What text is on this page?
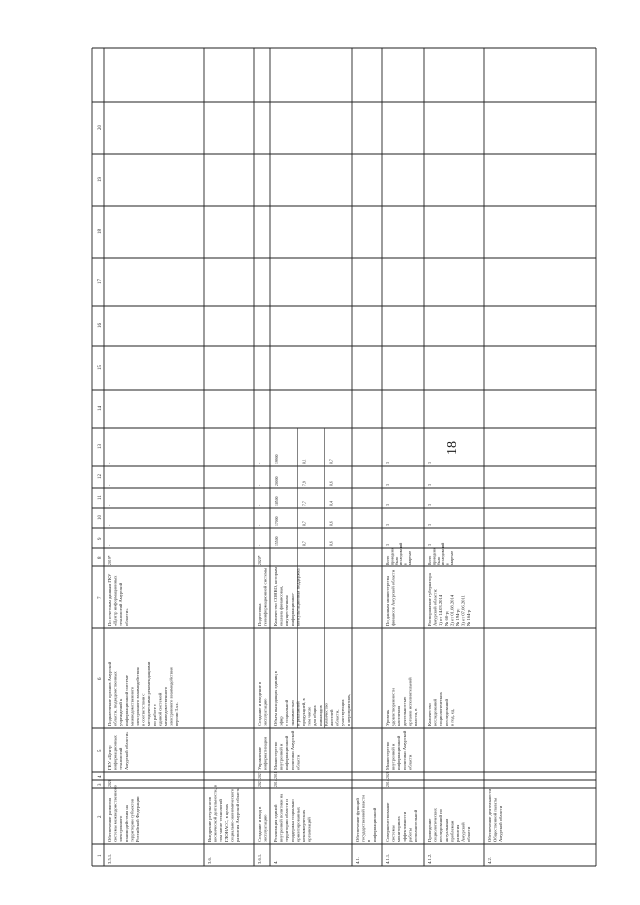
18
1
2
3
4
5
6
7
8
9
10
11
12
13
14
15
16
17
18
19
20
3.5.1.
Обеспечение развития системы межведомственного электронного взаимодействия на территории субъектов Российской Федерации
2020
ГКУ «Центр информационных технологий Амурской области»
Подключение органов Амурской области, подведомственных учреждений к информационной системе межведомственного электронного взаимодействия в соответствии с методическими рекомендациями по работе с единой системой межведомственного электронного взаимодействия версии 3.хх.
По отчетным данным ГКУ «Центр информационных технологий Амурской области»
2019*
-
-
-
-
-
3.6.
Внедрение результатов космической деятельности, в том числе технологий ГЛОНАСС, в целях социально-экономического развития Амурской области
3.6.1.
Создание и ввод в эксплуатацию
2021
2021
Управление информатизации
Создание и введение в эксплуатацию
Подготовка геоинформационной системы
2020*
-
-
-
-
-
4.
Реализация единой внутренней политики на территории области и поддержка социально ориентированных некоммерческих организаций
2014
2018
Министерство внутренней и информационной политики Амурской области
Объем выходящих единиц в эфир с социальной значимостью и рекламной продукцией, в том числе для общих инвалидов Количество жителей области, участвующих в мероприятиях,
Количество СОНКО, которым оказана финансовая, имущественная информационно- консультационная поддержка
15500
17000
18500
20000
19900
8,7
8,7
7,7
7,9
8,1
8,6
8,6
8,4
8,6
8,7
4.1.
Обеспечение функций государственной власти в информационной
4.1.1.
Совершенствование системы мониторинга эффективности работы исполнительной
2014
2020
Министерство внутренней и информационной политики Амурской области
Уровень удовлетворенности населения деятельностью органов исполнительной власти, в
По данным министерства финансов Амурской области
3
3
3
3
3
Всего проведено было исследований в квартале
4.1.2.
Проведение социологических исследований по актуальным проблемам развития Амурской области
Количество исследований социологических исследований в год, ед.
Распоряжение губернатора Амурской области: 1) от 14.03.2014 № 60-р; 2) от 01.08.2014 № 194-р; 3) от 07.06.2011 № 164-р
3
3
3
3
3
Всего проведено было исследований в квартале
4.2.
Обеспечение деятельности Общественной палаты Амурской области
